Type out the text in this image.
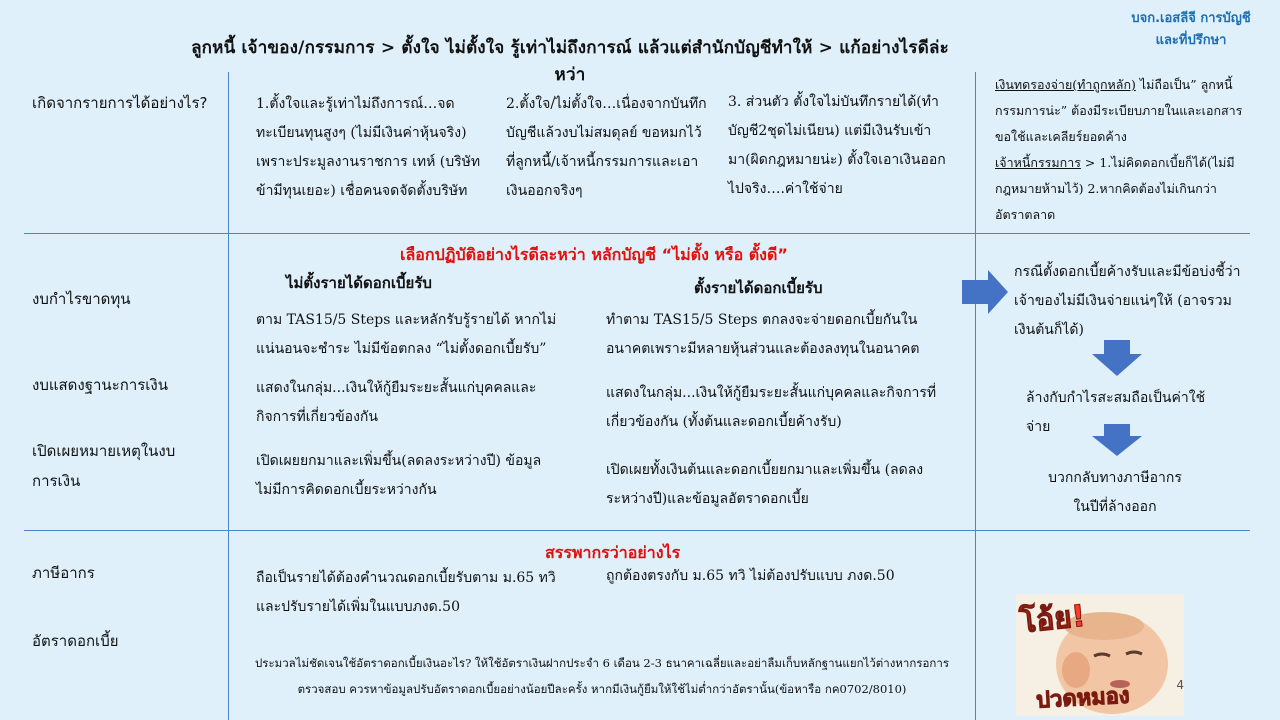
ลูกหนี้ เจ้าของ/กรรมการ > ตั้งใจ ไม่ตั้งใจ รู้เท่าไม่ถึงการณ์ แล้วแต่สำนักบัญชีทำให้ > แก้อย่างไรดีล่ะหว่า
บจก.เอสลีจี การบัญชี
และที่ปรึกษา
เกิดจากรายการได้อย่างไร?
งบกำไรขาดทุน
งบแสดงฐานะการเงิน
เปิดเผยหมายเหตุในงบ
การเงิน
ภาษีอากร
อัตราดอกเบี้ย
1.ตั้งใจและรู้เท่าไม่ถึงการณ์…จดทะเบียนทุนสูงๆ (ไม่มีเงินค่าหุ้นจริง) เพราะประมูลงานราชการ เทห์ (บริษัทข้ามีทุนเยอะ) เชื่อคนจดจัดตั้งบริษัท
2.ตั้งใจ/ไม่ตั้งใจ…เนื่องจากบันทึกบัญชีแล้วงบไม่สมดุลย์ ขอหมกไว้ที่ลูกหนี้/เจ้าหนี้กรรมการและเอาเงินออกจริงๆ
3. ส่วนตัว ตั้งใจไม่บันทึกรายได้(ทำบัญชี2ชุดไม่เนียน) แต่มีเงินรับเข้ามา(ผิดกฎหมายน่ะ) ตั้งใจเอาเงินออกไปจริง….ค่าใช้จ่าย
เงินทดรองจ่าย(ทำถูกหลัก) ไม่ถือเป็น” ลูกหนี้กรรมการน่ะ” ต้องมีระเบียบภายในและเอกสารขอใช้และเคลียร์ยอดค้าง
เจ้าหนี้กรรมการ > 1.ไม่คิดดอกเบี้ยก็ได้(ไม่มีกฎหมายห้ามไว้) 2.หากคิดต้องไม่เกินกว่าอัตราตลาด
เลือกปฏิบัติอย่างไรดีละหว่า หลักบัญชี “ไม่ตั้ง หรือ ตั้งดี”
ไม่ตั้งรายได้ดอกเบี้ยรับ	ตั้งรายได้ดอกเบี้ยรับ
ตาม TAS15/5 Steps และหลักรับรู้รายได้ หากไม่แน่นอนจะชำระ ไม่มีข้อตกลง “ไม่ตั้งดอกเบี้ยรับ”
ทำตาม TAS15/5 Steps ตกลงจะจ่ายดอกเบี้ยกันในอนาคตเพราะมีหลายหุ้นส่วนและต้องลงทุนในอนาคต
แสดงในกลุ่ม...เงินให้กู้ยืมระยะสั้นแก่บุคคลและกิจการที่เกี่ยวข้องกัน
แสดงในกลุ่ม...เงินให้กู้ยืมระยะสั้นแก่บุคคลและกิจการที่เกี่ยวข้องกัน (ทั้งต้นและดอกเบี้ยค้างรับ)
เปิดเผยยกมาและเพิ่มขึ้น(ลดลงระหว่างปี) ข้อมูลไม่มีการคิดดอกเบี้ยระหว่างกัน
เปิดเผยทั้งเงินต้นและดอกเบี้ยยกมาและเพิ่มขึ้น (ลดลงระหว่างปี)และข้อมูลอัตราดอกเบี้ย
กรณีตั้งดอกเบี้ยค้างรับและมีข้อบ่งชี้ว่าเจ้าของไม่มีเงินจ่ายแน่ๆให้ (อาจรวมเงินต้นก็ได้)
ล้างกับกำไรสะสมถือเป็นค่าใช้จ่าย
บวกกลับทางภาษีอากรในปีที่ล้างออก
สรรพากรว่าอย่างไร
ถือเป็นรายได้ต้องคำนวณดอกเบี้ยรับตาม ม.65 ทวิ และปรับรายได้เพิ่มในแบบภงด.50
ถูกต้องตรงกับ ม.65 ทวิ ไม่ต้องปรับแบบ ภงด.50
ประมวลไม่ชัดเจนใช้อัตราดอกเบี้ยเงินอะไร? ให้ใช้อัตราเงินฝากประจำ 6 เดือน 2-3 ธนาคาเฉลี่ยและอย่าลืมเก็บหลักฐานแยกไว้ต่างหากรอการตรวจสอบ ควรหาข้อมูลปรับอัตราดอกเบี้ยอย่างน้อยปีละครั้ง หากมีเงินกู้ยืมให้ใช้ไม่ต่ำกว่าอัตรานั้น(ข้อหารือ กค0702/8010)
โอ้ย!
ปวดหมอง	4
